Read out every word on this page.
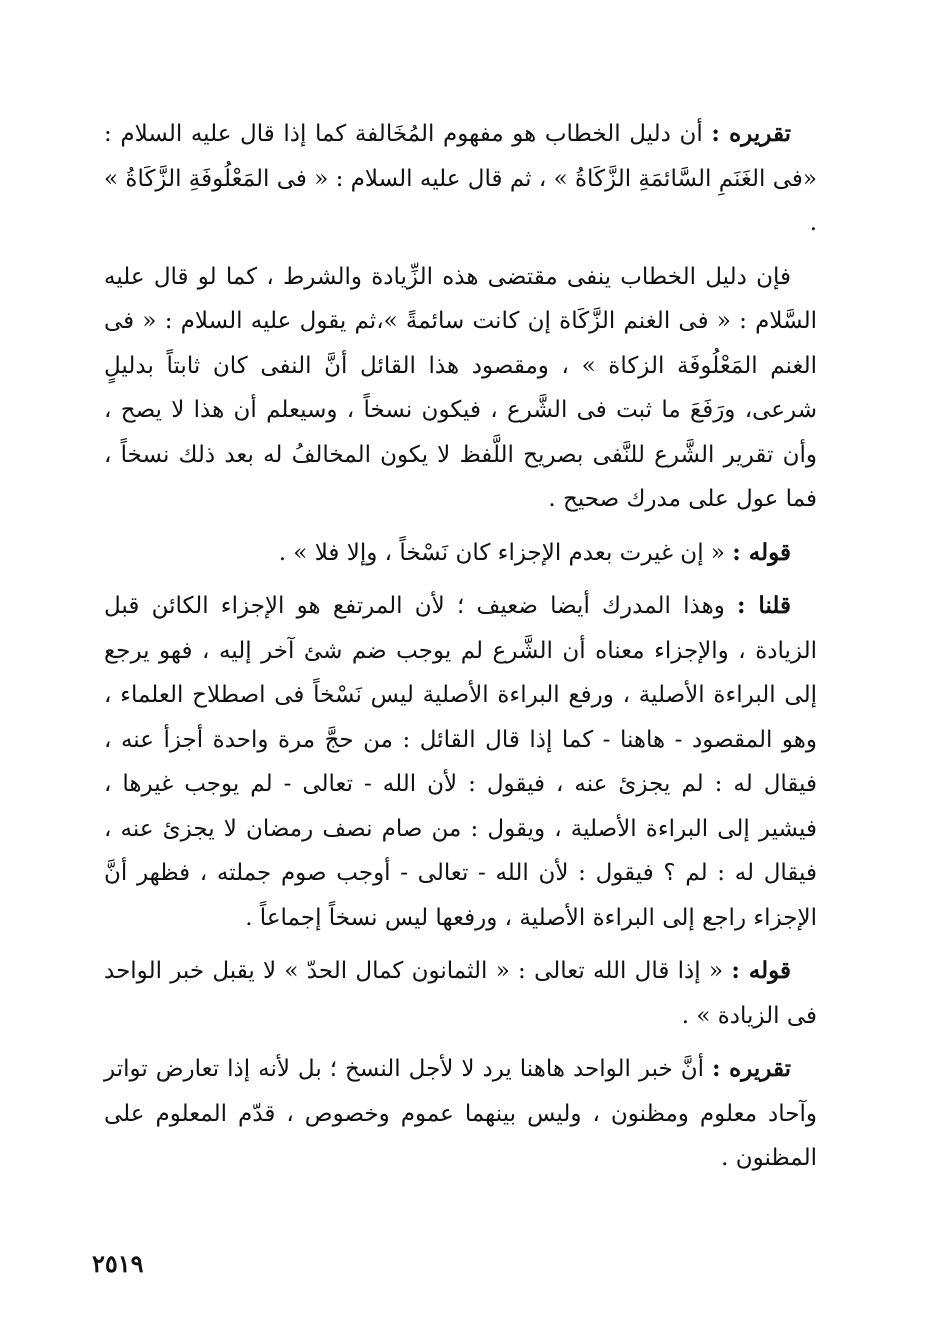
تقريره : أن دليل الخطاب هو مفهوم المُخَالفة كما إذا قال عليه السلام : «فى الغَنَمِ السَّائمَةِ الزَّكَاةُ » ، ثم قال عليه السلام : « فى المَعْلُوفَةِ الزَّكَاةُ » .

فإن دليل الخطاب ينفى مقتضى هذه الزِّيادة والشرط ، كما لو قال عليه السَّلام : « فى الغنم الزَّكَاة إن كانت سائمةً »،ثم يقول عليه السلام : « فى الغنم المَعْلُوفَة الزكاة » ، ومقصود هذا القائل أنَّ النفى كان ثابتاً بدليلٍ شرعى، ورَفَعَ ما ثبت فى الشَّرع ، فيكون نسخاً ، وسيعلم أن هذا لا يصح ، وأن تقرير الشَّرع للنَّفى بصريح اللَّفظ لا يكون المخالفُ له بعد ذلك نسخاً ، فما عول على مدرك صحيح .

قوله : « إن غيرت بعدم الإجزاء كان نَسْخاً ، وإلا فلا » .

قلنا : وهذا المدرك أيضا ضعيف ؛ لأن المرتفع هو الإجزاء الكائن قبل الزيادة ، والإجزاء معناه أن الشَّرع لم يوجب ضم شئ آخر إليه ، فهو يرجع إلى البراءة الأصلية ، ورفع البراءة الأصلية ليس نَسْخاً فى اصطلاح العلماء ، وهو المقصود - هاهنا - كما إذا قال القائل : من حجَّ مرة واحدة أجزأ عنه ، فيقال له : لم يجزئ عنه ، فيقول : لأن الله - تعالى - لم يوجب غيرها ، فيشير إلى البراءة الأصلية ، ويقول : من صام نصف رمضان لا يجزئ عنه ، فيقال له : لم ؟ فيقول : لأن الله - تعالى - أوجب صوم جملته ، فظهر أنَّ الإجزاء راجع إلى البراءة الأصلية ، ورفعها ليس نسخاً إجماعاً .

قوله : « إذا قال الله تعالى : « الثمانون كمال الحدّ » لا يقبل خبر الواحد فى الزيادة » .

تقريره : أنَّ خبر الواحد هاهنا يرد لا لأجل النسخ ؛ بل لأنه إذا تعارض تواتر وآحاد معلوم ومظنون ، وليس بينهما عموم وخصوص ، قدّم المعلوم على المظنون .

٢٥١٩
